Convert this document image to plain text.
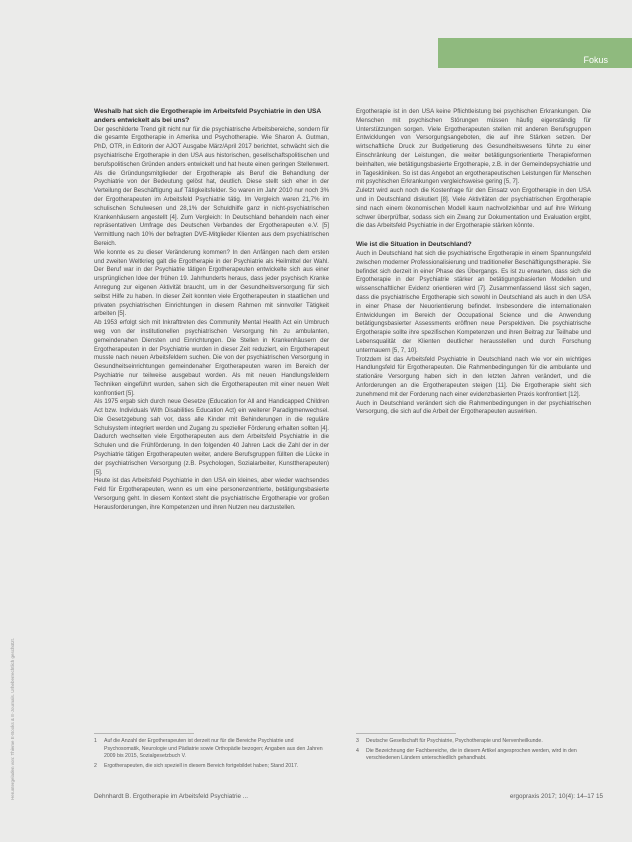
Fokus
Heruntergeladen von: Thieme E-Books & E-Journals. Urheberrechtlich geschützt.

Weshalb hat sich die Ergotherapie im Arbeitsfeld Psychiatrie in den USA anders entwickelt als bei uns?

Der geschilderte Trend gilt nicht nur für die psychiatrische Arbeitsbereiche, sondern für die gesamte Ergotherapie in Amerika und Psychotherapie. Wie Sharon A. Gutman, PhD, OTR, in Editorin der AJOT Ausgabe März/April 2017 berichtet, schwächt sich die psychiatrische Ergotherapie in den USA aus historischen, gesellschaftspolitischen und berufspolitischen Gründen anders entwickelt und hat heute einen geringen Stellenwert. Als die Gründungsmitglieder der Ergotherapie als Beruf die Behandlung der Psychiatrie von der Bedeutung gelöst hat, deutlich. Diese stellt sich eher in der Verteilung der Beschäftigung auf Tätigkeitsfelder. So waren im Jahr 2010 nur noch 3% der Ergotherapeuten im Arbeitsfeld Psychiatrie tätig. Im Vergleich waren 21,7% im schulischen Schulwesen und 28,1% der Schuldhilfe ganz in nicht-psychiatrischen Krankenhäusern angestellt [4]. Zum Vergleich: In Deutschland behandeln nach einer repräsentativen Umfrage des Deutschen Verbandes der Ergotherapeuten e.V. [5] Vermittlung nach 10% der befragten DVE-Mitglieder Klienten aus dem psychiatrischen Bereich.

Wie konnte es zu dieser Veränderung kommen? In den Anfängen nach dem ersten und zweiten Weltkrieg galt die Ergotherapie in der Psychiatrie als Heilmittel der Wahl. Der Beruf war in der Psychiatrie tätigen Ergotherapeuten entwickelte sich aus einer ursprünglichen Idee der frühen 19. Jahrhunderts heraus, dass jeder psychisch Kranke Anregung zur eigenen Aktivität braucht, um in der Gesundheitsversorgung für sich selbst Hilfe zu haben. In dieser Zeit konnten viele Ergotherapeuten in staatlichen und privaten psychiatrischen Einrichtungen in diesem Rahmen mit sinnvoller Tätigkeit arbeiten [5].

Ab 1953 erfolgt sich mit Inkrafttreten des Community Mental Health Act ein Umbruch weg von der institutionellen psychiatrischen Versorgung hin zu ambulanten, gemeindenahen Diensten und Einrichtungen. Die Stellen in Krankenhäusern der Ergotherapeuten in der Psychiatrie wurden in dieser Zeit reduziert, ein Ergotherapeut musste nach neuen Arbeitsfeldern suchen. Die von der psychiatrischen Versorgung in Gesundheitseinrichtungen gemeindenaher Ergotherapeuten waren im Bereich der Psychiatrie nur teilweise ausgebaut worden. Als mit neuen Handlungsfeldern Techniken eingeführt wurden, sahen sich die Ergotherapeuten mit einer neuen Welt konfrontiert [5].

Als 1975 ergab sich durch neue Gesetze (Education for All and Handicapped Children Act bzw. Individuals With Disabilities Education Act) ein weiterer Paradigmenwechsel. Die Gesetzgebung sah vor, dass alle Kinder mit Behinderungen in die reguläre Schulsystem integriert werden und Zugang zu spezieller Förderung erhalten sollten [4]. Dadurch wechselten viele Ergotherapeuten aus dem Arbeitsfeld Psychiatrie in die Schulen und die Frühförderung. In den folgenden 40 Jahren Lack die Zahl der in der Psychiatrie tätigen Ergotherapeuten weiter, andere Berufsgruppen füllten die Lücke in der psychiatrischen Versorgung (z.B. Psychologen, Sozialarbeiter, Kunsttherapeuten) [5].

Heute ist das Arbeitsfeld Psychiatrie in den USA ein kleines, aber wieder wachsendes Feld für Ergotherapeuten, wenn es um eine personenzentrierte, betätigungsbasierte Versorgung geht. In diesem Kontext steht die psychiatrische Ergotherapie vor großen Herausforderungen, ihre Kompetenzen und ihren Nutzen neu darzustellen.

Ergotherapie ist in den USA keine Pflichtleistung bei psychischen Erkrankungen. Die Menschen mit psychischen Störungen müssen häufig eigenständig für Unterstützungen sorgen. Viele Ergotherapeuten stellen mit anderen Berufsgruppen Entwicklungen von Versorgungsangeboten, die auf ihre Stärken setzen. Der wirtschaftliche Druck zur Budgetierung des Gesundheitswesens führte zu einer Einschränkung der Leistungen, die weiter betätigungsorientierte Therapieformen beinhalten, wie betätigungsbasierte Ergotherapie, z.B. in der Gemeindepsychiatrie und in Tageskliniken. So ist das Angebot an ergotherapeutischen Leistungen für Menschen mit psychischen Erkrankungen vergleichsweise gering [5, 7].

Zuletzt wird auch noch die Kostenfrage für den Einsatz von Ergotherapie in den USA und in Deutschland diskutiert [8]. Viele Aktivitäten der psychiatrischen Ergotherapie sind nach einem ökonomischen Modell kaum nachvollziehbar und auf ihre Wirkung schwer überprüfbar, sodass sich ein Zwang zur Dokumentation und Evaluation ergibt, die das Arbeitsfeld Psychiatrie in der Ergotherapie stärken könnte.

Wie ist die Situation in Deutschland?

Auch in Deutschland hat sich die psychiatrische Ergotherapie in einem Spannungsfeld zwischen moderner Professionalisierung und traditioneller Beschäftigungstherapie. Sie befindet sich derzeit in einer Phase des Übergangs. Es ist zu erwarten, dass sich die Ergotherapie in der Psychiatrie stärker an betätigungsbasierten Modellen und wissenschaftlicher Evidenz orientieren wird [7]. Zusammenfassend lässt sich sagen, dass die psychiatrische Ergotherapie sich sowohl in Deutschland als auch in den USA in einer Phase der Neuorientierung befindet. Insbesondere die internationalen Entwicklungen im Bereich der Occupational Science und die Anwendung betätigungsbasierter Assessments eröffnen neue Perspektiven. Die psychiatrische Ergotherapie sollte ihre spezifischen Kompetenzen und ihren Beitrag zur Teilhabe und Lebensqualität der Klienten deutlicher herausstellen und durch Forschung untermauern [5, 7, 10].

Trotzdem ist das Arbeitsfeld Psychiatrie in Deutschland nach wie vor ein wichtiges Handlungsfeld für Ergotherapeuten. Die Rahmenbedingungen für die ambulante und stationäre Versorgung haben sich in den letzten Jahren verändert, und die Anforderungen an die Ergotherapeuten steigen [11]. Die Ergotherapie sieht sich zunehmend mit der Forderung nach einer evidenzbasierten Praxis konfrontiert [12].

Auch in Deutschland verändert sich die Rahmenbedingungen in der psychiatrischen Versorgung, die sich auf die Arbeit der Ergotherapeuten auswirken.

1	Auf die Anzahl der Ergotherapeuten ist derzeit nur für die Bereiche Psychiatrie und Psychosomatik, Neurologie und Pädiatrie sowie Orthopädie bezogen; Angaben aus den Jahren 2009 bis 2015, Sozialgesetzbuch V.
2	Ergotherapeuten, die sich speziell in diesem Bereich fortgebildet haben; Stand 2017.
3	Deutsche Gesellschaft für Psychiatrie, Psychotherapie und Nervenheilkunde.
4	Die Bezeichnung der Fachbereiche, die in diesem Artikel angesprochen werden, wird in den verschiedenen Ländern unterschiedlich gehandhabt.
Dehnhardt B. Ergotherapie im Arbeitsfeld Psychiatrie ...	ergopraxis 2017; 10(4): 14–17 15
